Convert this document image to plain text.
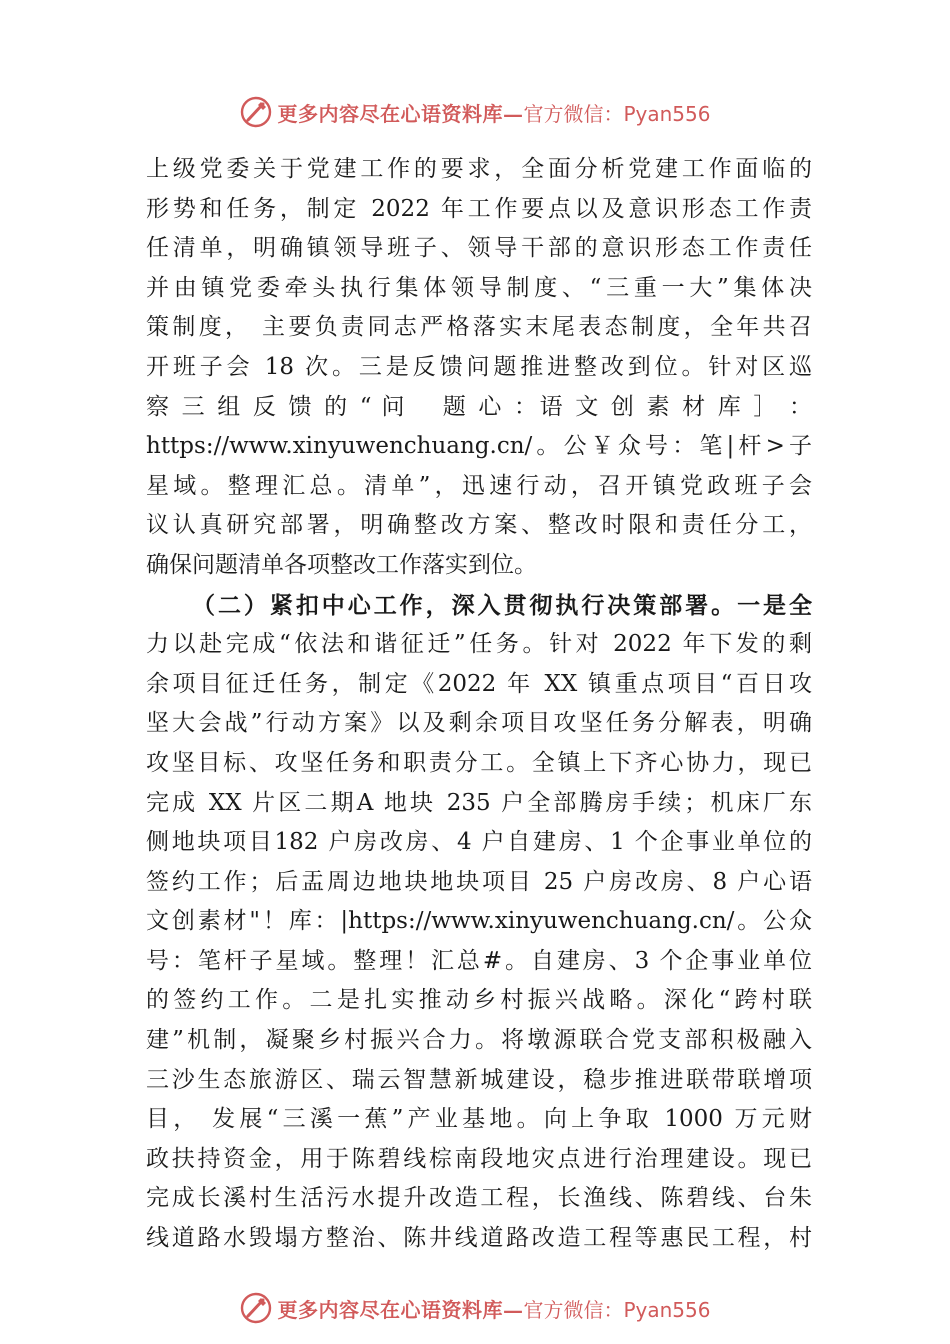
更多内容尽在心语资料库— 官方微信：Pyan556
上级党委关于党建工作的要求，全面分析党建工作面临的
形势和任务，制定 2022 年工作要点以及意识形态工作责
任清单，明确镇领导班子、领导干部的意识形态工作责任
并由镇党委牵头执行集体领导制度、“三重一大”集体决
策制度， 主要负责同志严格落实末尾表态制度，全年共召
开班子会 18 次。三是反馈问题推进整改到位。针对区巡
察 三 组 反 馈 的 “ 问　 题 心 ：语 文 创 素 材 库 ］ ：
https://www.xinyuwenchuang.cn/。公￥众号：笔|杆>子
星域。整理汇总。清单”，迅速行动，召开镇党政班子会
议认真研究部署，明确整改方案、整改时限和责任分工，
确保问题清单各项整改工作落实到位。
（二）紧扣中心工作，深入贯彻执行决策部署。一是全
力以赴完成“依法和谐征迁”任务。针对 2022 年下发的剩
余项目征迁任务，制定《2022 年 XX 镇重点项目“百日攻
坚大会战”行动方案》以及剩余项目攻坚任务分解表，明确
攻坚目标、攻坚任务和职责分工。全镇上下齐心协力，现已
完成 XX 片区二期A 地块 235 户全部腾房手续；机床厂东
侧地块项目182 户房改房、4 户自建房、1 个企事业单位的
签约工作；后盂周边地块地块项目 25 户房改房、8 户心语
文创素材"！库：|https://www.xinyuwenchuang.cn/。公众
号：笔杆子星域。整理！汇总#。自建房、3 个企事业单位
的签约工作。二是扎实推动乡村振兴战略。深化“跨村联
建”机制，凝聚乡村振兴合力。将墩源联合党支部积极融入
三沙生态旅游区、瑞云智慧新城建设，稳步推进联带联增项
目， 发展“三溪一蕉”产业基地。向上争取 1000 万元财
政扶持资金，用于陈碧线棕南段地灾点进行治理建设。现已
完成长溪村生活污水提升改造工程，长渔线、陈碧线、台朱
线道路水毁塌方整治、陈井线道路改造工程等惠民工程，村
更多内容尽在心语资料库— 官方微信：Pyan556
